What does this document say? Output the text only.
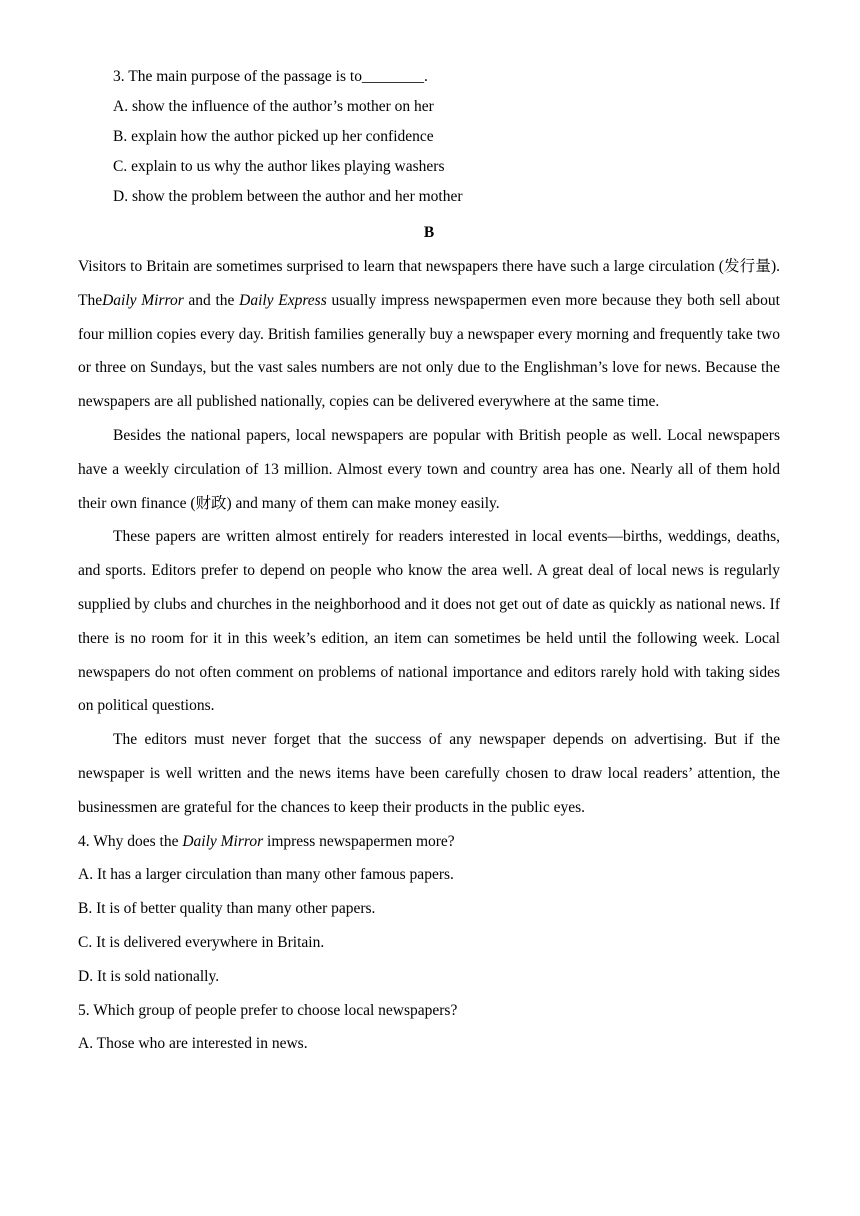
3. The main purpose of the passage is to________.

A. show the influence of the author’s mother on her

B. explain how the author picked up her confidence

C. explain to us why the author likes playing washers

D. show the problem between the author and her mother

B

Visitors to Britain are sometimes surprised to learn that newspapers there have such a large circulation (发行量). TheDaily Mirror and the Daily Express usually impress newspapermen even more because they both sell about four million copies every day. British families generally buy a newspaper every morning and frequently take two or three on Sundays, but the vast sales numbers are not only due to the Englishman’s love for news. Because the newspapers are all published nationally, copies can be delivered everywhere at the same time.

Besides the national papers, local newspapers are popular with British people as well. Local newspapers have a weekly circulation of 13 million. Almost every town and country area has one. Nearly all of them hold their own finance (财政) and many of them can make money easily.

These papers are written almost entirely for readers interested in local events—births, weddings, deaths, and sports. Editors prefer to depend on people who know the area well. A great deal of local news is regularly supplied by clubs and churches in the neighborhood and it does not get out of date as quickly as national news. If there is no room for it in this week’s edition, an item can sometimes be held until the following week. Local newspapers do not often comment on problems of national importance and editors rarely hold with taking sides on political questions.

The editors must never forget that the success of any newspaper depends on advertising. But if the newspaper is well written and the news items have been carefully chosen to draw local readers’ attention, the businessmen are grateful for the chances to keep their products in the public eyes.

4. Why does the Daily Mirror impress newspapermen more?

A. It has a larger circulation than many other famous papers.

B. It is of better quality than many other papers.

C. It is delivered everywhere in Britain.

D. It is sold nationally.

5. Which group of people prefer to choose local newspapers?

A. Those who are interested in news.
